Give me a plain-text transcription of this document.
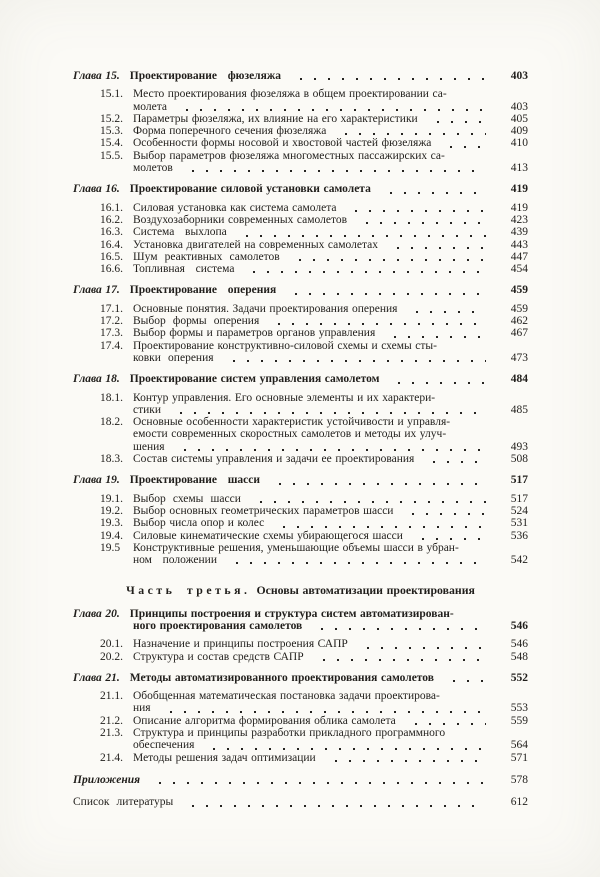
Глава 15. Проектирование   фюзеляжа	403
15.1. Место проектирования фюзеляжа в общем проектировании са-
молета	403
15.2. Параметры фюзеляжа, их влияние на его характеристики	405
15.3. Форма поперечного сечения фюзеляжа	409
15.4. Особенности формы носовой и хвостовой частей фюзеляжа	410
15.5. Выбор параметров фюзеляжа многоместных пассажирских са-
молетов	413
Глава 16. Проектирование силовой установки самолета	419
16.1. Силовая установка как система самолета	419
16.2. Воздухозаборники современных самолетов	423
16.3. Система   выхлопа	439
16.4. Установка двигателей на современных самолетах	443
16.5. Шум  реактивных  самолетов	447
16.6. Топливная   система	454
Глава 17. Проектирование   оперения	459
17.1. Основные понятия. Задачи проектирования оперения	459
17.2. Выбор  формы  оперения	462
17.3. Выбор формы и параметров органов управления	467
17.4. Проектирование конструктивно-силовой схемы и схемы сты-
ковки  оперения	473
Глава 18. Проектирование систем управления самолетом	484
18.1. Контур управления. Его основные элементы и их характери-
стики	485
18.2. Основные особенности характеристик устойчивости и управля-
емости современных скоростных самолетов и методы их улуч-
шения	493
18.3. Состав системы управления и задачи ее проектирования	508
Глава 19. Проектирование   шасси	517
19.1. Выбор  схемы  шасси	517
19.2. Выбор основных геометрических параметров шасси	524
19.3. Выбор числа опор и колес	531
19.4. Силовые кинематические схемы убирающегося шасси	536
19.5	Конструктивные решения, уменьшающие объемы шасси в убран-
ном   положении	542
Часть третья. Основы автоматизации проектирования
Глава 20. Принципы построения и структура систем автоматизирован-
ного проектирования самолетов	546
20.1. Назначение и принципы построения САПР	546
20.2. Структура и состав средств САПР	548
Глава 21. Методы автоматизированного проектирования самолетов	552
21.1. Обобщенная математическая постановка задачи проектирова-
ния	553
21.2. Описание алгоритма формирования облика самолета	559
21.3. Структура и принципы разработки прикладного программного
обеспечения	564
21.4. Методы решения задач оптимизации	571
Приложения	578
Список  литературы	612
